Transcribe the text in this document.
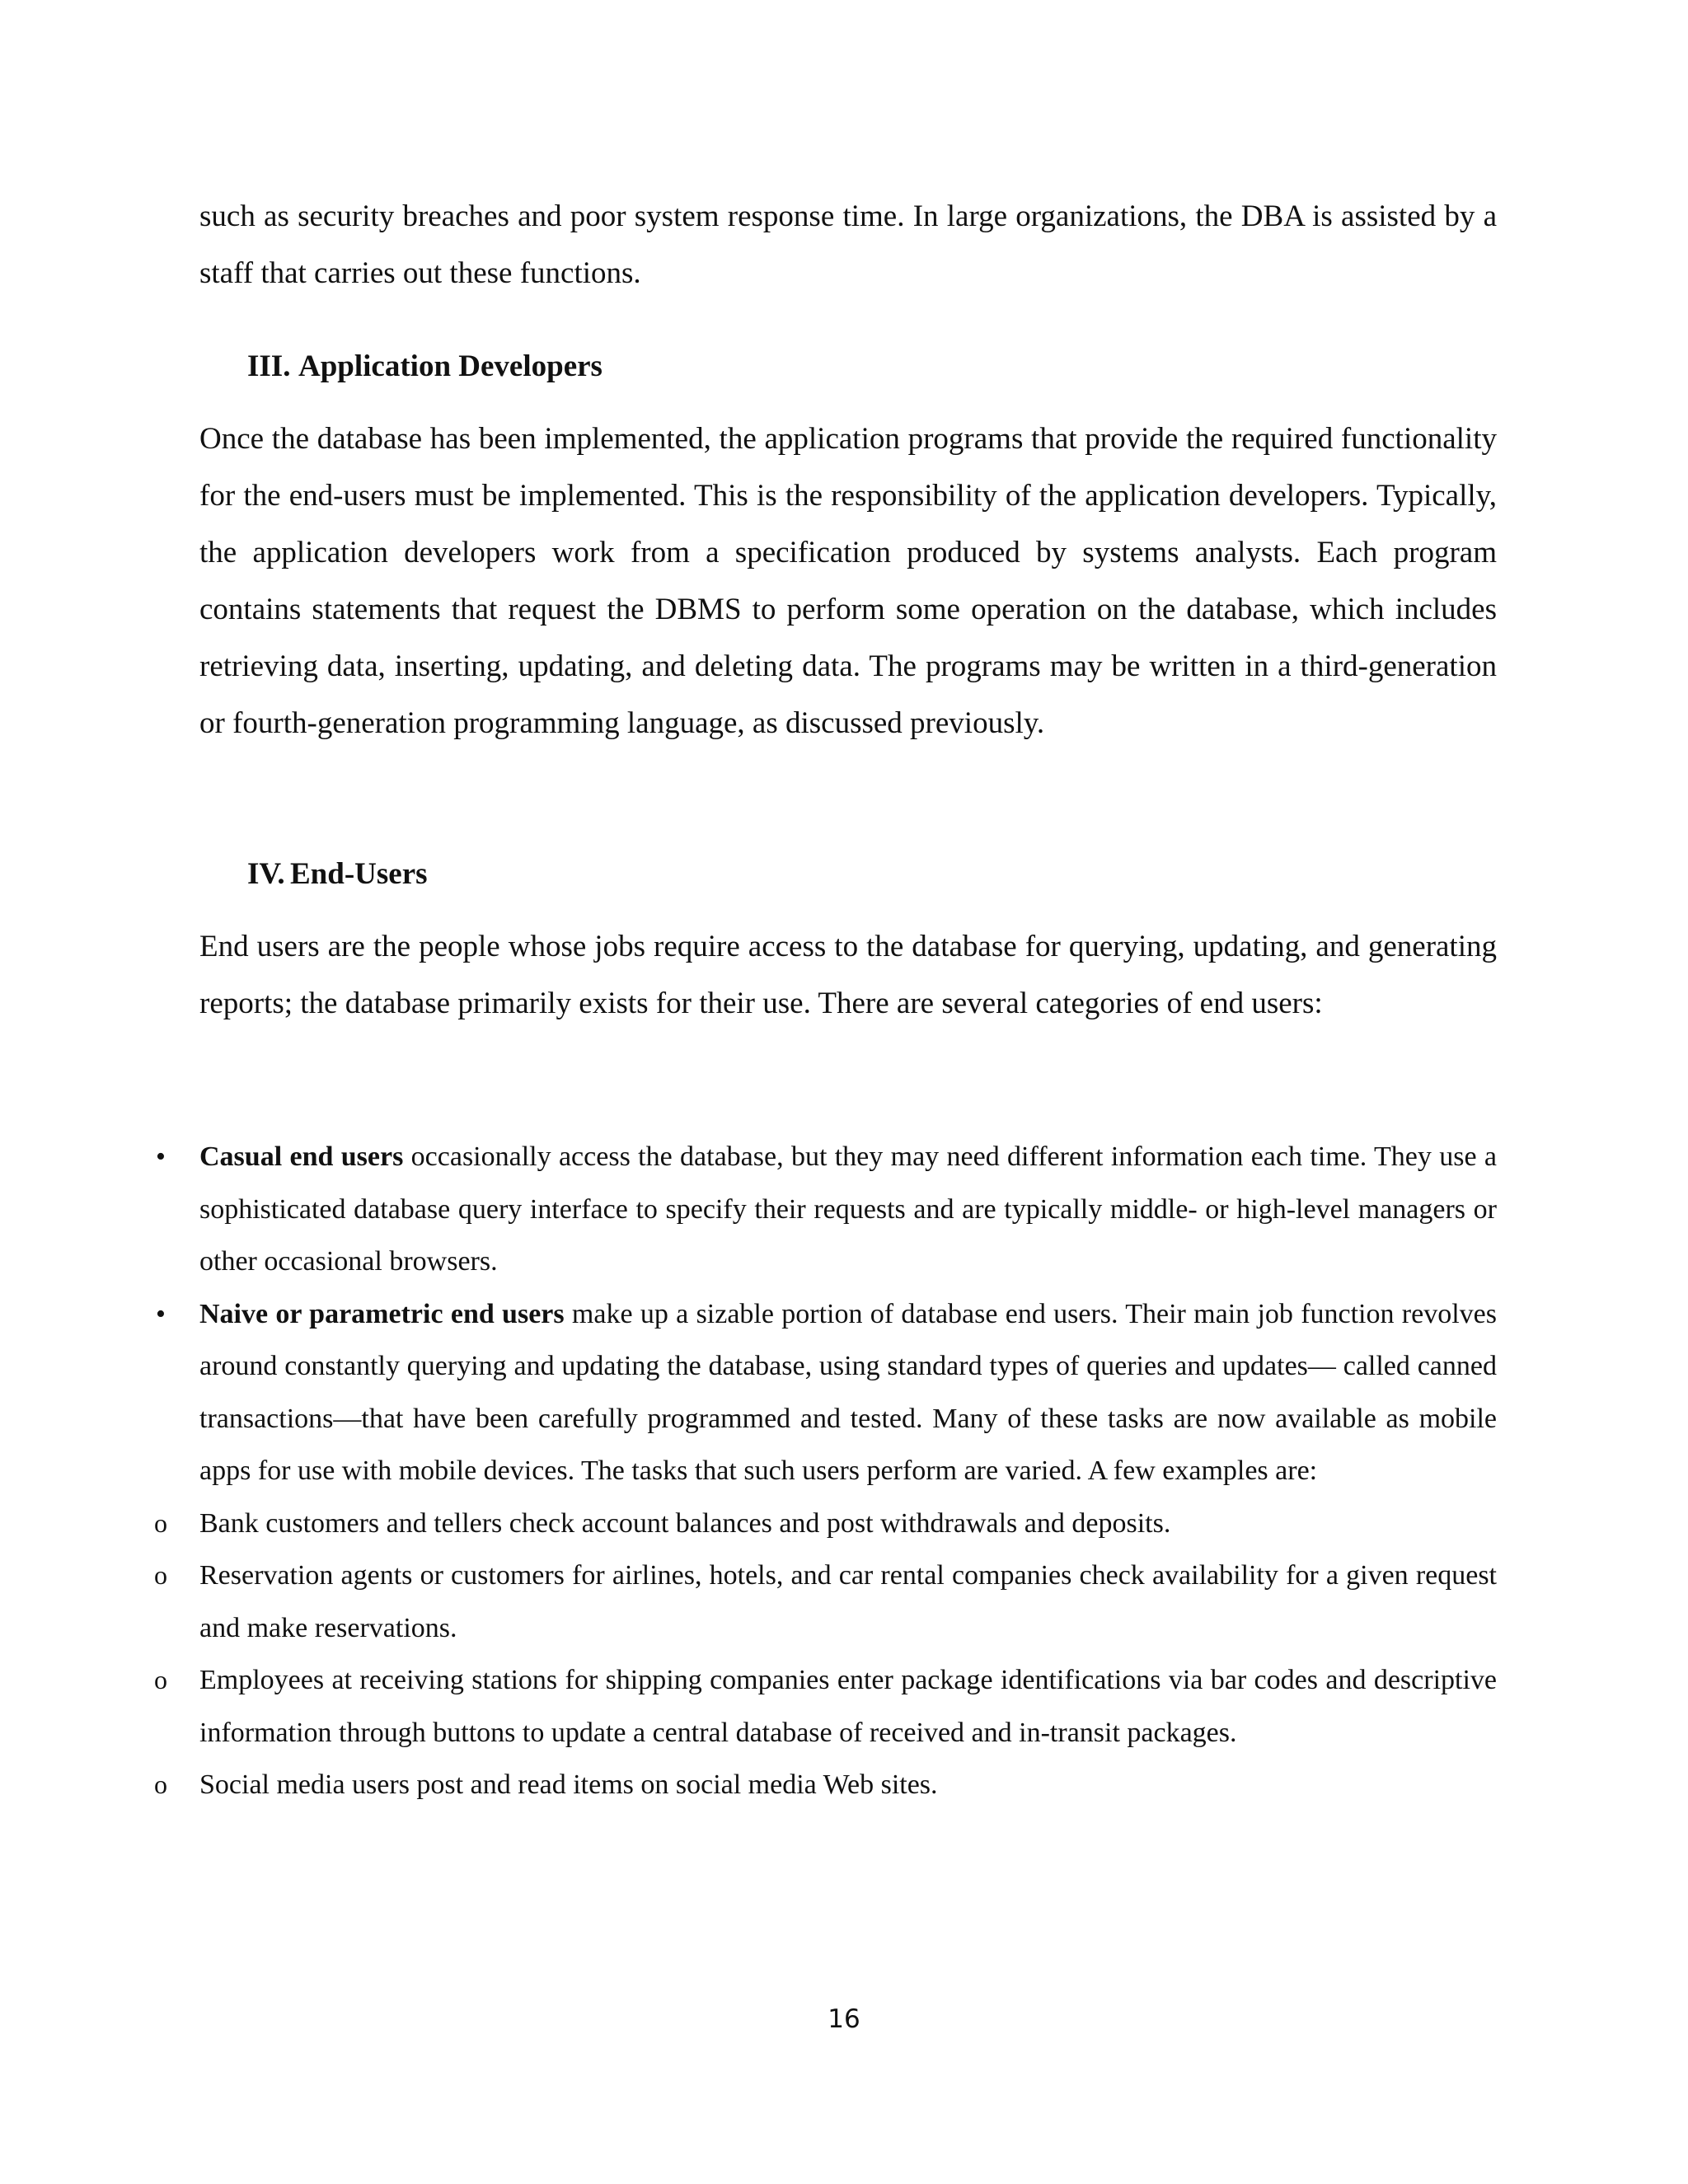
such as security breaches and poor system response time. In large organizations, the DBA is assisted by a staff that carries out these functions.

III. Application Developers

Once the database has been implemented, the application programs that provide the required functionality for the end-users must be implemented. This is the responsibility of the application developers. Typically, the application developers work from a specification produced by systems analysts. Each program contains statements that request the DBMS to perform some operation on the database, which includes retrieving data, inserting, updating, and deleting data. The programs may be written in a third-generation or fourth-generation programming language, as discussed previously.

IV. End-Users

End users are the people whose jobs require access to the database for querying, updating, and generating reports; the database primarily exists for their use. There are several categories of end users:

• Casual end users occasionally access the database, but they may need different information each time. They use a sophisticated database query interface to specify their requests and are typically middle- or high-level managers or other occasional browsers.
• Naive or parametric end users make up a sizable portion of database end users. Their main job function revolves around constantly querying and updating the database, using standard types of queries and updates— called canned transactions—that have been carefully programmed and tested. Many of these tasks are now available as mobile apps for use with mobile devices. The tasks that such users perform are varied. A few examples are:
o Bank customers and tellers check account balances and post withdrawals and deposits.
o Reservation agents or customers for airlines, hotels, and car rental companies check availability for a given request and make reservations.
o Employees at receiving stations for shipping companies enter package identifications via bar codes and descriptive information through buttons to update a central database of received and in-transit packages.
o Social media users post and read items on social media Web sites.
16
